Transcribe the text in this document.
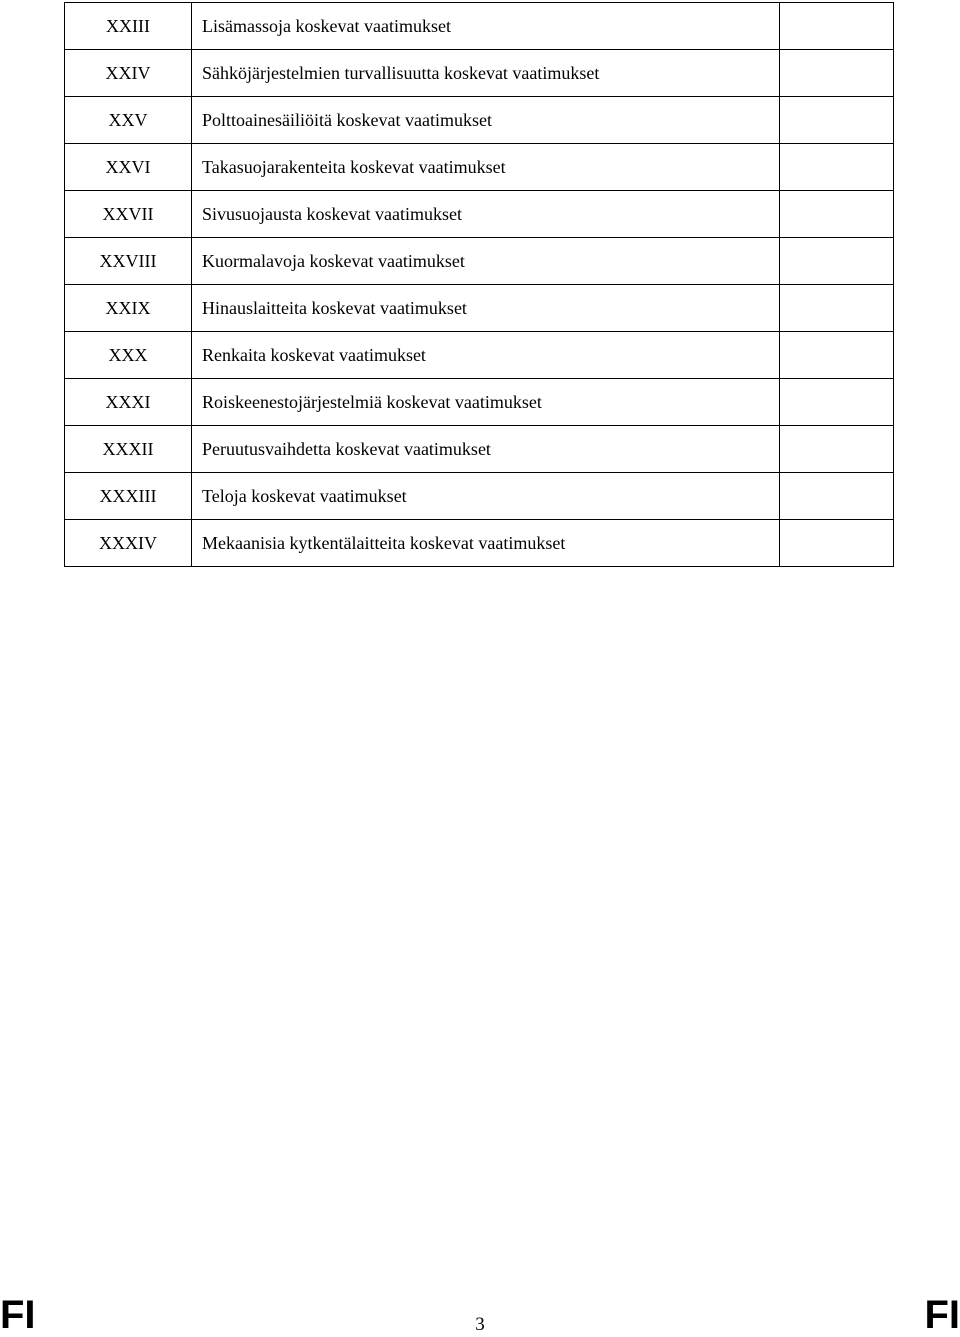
XXIII	Lisämassoja koskevat vaatimukset	
XXIV	Sähköjärjestelmien turvallisuutta koskevat vaatimukset	
XXV	Polttoainesäiliöitä koskevat vaatimukset	
XXVI	Takasuojarakenteita koskevat vaatimukset	
XXVII	Sivusuojausta koskevat vaatimukset	
XXVIII	Kuormalavoja koskevat vaatimukset	
XXIX	Hinauslaitteita koskevat vaatimukset	
XXX	Renkaita koskevat vaatimukset	
XXXI	Roiskeenestojärjestelmiä koskevat vaatimukset	
XXXII	Peruutusvaihdetta koskevat vaatimukset	
XXXIII	Teloja koskevat vaatimukset	
XXXIV	Mekaanisia kytkentälaitteita koskevat vaatimukset	
FI	3	FI
